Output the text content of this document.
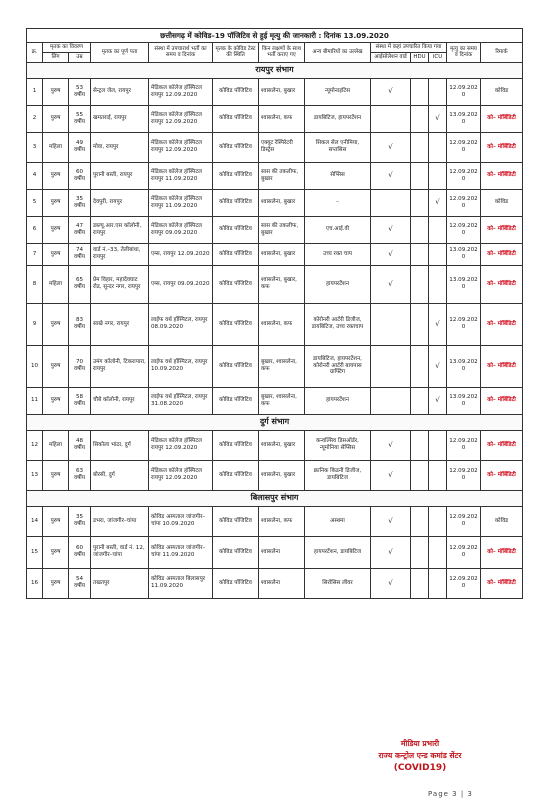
छत्तीसगढ़ में कोविड–19 पॉजिटिव से हुई मृत्यु की जानकारी : दिनांक 13.09.2020												
क्र.	मृतक का विवरण		मृतक का पूर्ण पता	संस्था में उपचारार्थ भर्ती का समय व दिनांक	मृतक के कोविड टेस्ट की स्थिति	किन लक्षणों के साथ भर्ती कराए गए	अन्य बीमारियों का उल्लेख	संस्था में कहां उपचारित किया गया			मृत्यु का समय व दिनांक	रिमार्क
	लिंग	उम्र						आईसोलेशन वार्ड	HDU	ICU		
रायपुर संभाग												
1	पुरुष	53 वर्षीय	सेन्ट्रल जेल, रायपुर	मेडिकल कॉलेज हॉस्पिटल रायपुर 12.09.2020	कोविड पॉजिटिव	श्वासलेना, बुखार	न्यूमोनाइटिस	√			12.09.2020	कोविड
2	पुरुष	55 वर्षीय	खमतराई, रायपुर	मेडिकल कॉलेज हॉस्पिटल रायपुर 12.09.2020	कोविड पॉजिटिव	श्वासलेना, कफ	डायबिटिज, हायपरटेंशन			√	13.09.2020	को– मॉर्बिडिटी
3	महिला	49 वर्षीय	मोवा, रायपुर	मेडिकल कॉलेज हॉस्पिटल रायपुर 12.09.2020	कोविड पॉजिटिव	एक्यूट रेस्पिरेटरी डिस्ट्रेस	सिकल सेल एनीमिया, सप्तसिस	√			12.09.2020	को– मॉर्बिडिटी
4	पुरुष	60 वर्षीय	पुरानी बस्ती, रायपुर	मेडिकल कॉलेज हॉस्पिटल रायपुर 11.09.2020	कोविड पॉजिटिव	सास की तकलीफ, बुखार	सेप्सिस	√			12.09.2020	को– मॉर्बिडिटी
5	पुरुष	35 वर्षीय	देवपुरी, रायपुर	मेडिकल कॉलेज हॉस्पिटल रायपुर 11.09.2020	कोविड पॉजिटिव	श्वासलेना, बुखार	–			√	12.09.2020	कोविड
6	पुरुष	47 वर्षीय	डब्ल्यू.आर.एस कॉलोनी, रायपुर	मेडिकल कॉलेज हॉस्पिटल रायपुर 09.09.2020	कोविड पॉजिटिव	सास की तकलीफ, बुखार	एच.आई.वी	√			12.09.2020	को– मॉर्बिडिटी
7	पुरुष	74 वर्षीय	वार्ड नं.–33, तेलीबांधा, रायपुर	एम्स, रायपुर 12.09.2020	कोविड पॉजिटिव	श्वासलेना, बुखार	उच्च रक्त चाप	√			13.09.2020	को– मॉर्बिडिटी
8	महिला	65 वर्षीय	प्रेम विहार, महादेवघाट रोड, सुन्दर नगर, रायपुर	एम्स, रायपुर 09.09.2020	कोविड पॉजिटिव	श्वासलेना, बुखार, कफ	हायपरटेंशन	√			13.09.2020	को– मॉर्बिडिटी
9	पुरुष	83 वर्षीय	साखे नगर, रायपुर	लाईफ वर्थ हॉस्पिटल, रायपुर 08.09.2020	कोविड पॉजिटिव	श्वासलेना, कफ	कोरोनरी आर्टरी डिजीज, डायबिटिज, उच्च रक्तचाप			√	12.09.2020	को– मॉर्बिडिटी
10	पुरुष	70 वर्षीय	उमंग कॉलोनी, टिकरापारा, रायपुर	लाईफ वर्थ हॉस्पिटल, रायपुर 10.09.2020	कोविड पॉजिटिव	बुखार, श्वासलेना, कफ	डायबिटिज, हायपरटेंशन, कोरोनरी आर्टरी बायपास ग्राफ्टिंग			√	13.09.2020	को– मॉर्बिडिटी
11	पुरुष	58 वर्षीय	चौबे कॉलोनी, रायपुर	लाईफ वर्थ हॉस्पिटल, रायपुर 31.08.2020	कोविड पॉजिटिव	बुखार, श्वासलेना, कफ	हायपरटेंशन			√	13.09.2020	को– मॉर्बिडिटी
दुर्ग संभाग												
12	महिला	48 वर्षीय	सिकोला भांठा, दुर्ग	मेडिकल कॉलेज हॉस्पिटल रायपुर 12.09.2020	कोविड पॉजिटिव	श्वासलेना, बुखार	कन्वल्सिव डिसऑर्डर, न्यूमोनिया सेप्सिस	√			12.09.2020	को– मॉर्बिडिटी
13	पुरुष	63 वर्षीय	बोरसी, दुर्ग	मेडिकल कॉलेज हॉस्पिटल रायपुर 12.09.2020	कोविड पॉजिटिव	श्वासलेना, बुखार	क्रानिक किडनी डिजीज, डायबिटिज	√			12.09.2020	को– मॉर्बिडिटी
बिलासपुर संभाग												
14	पुरुष	35 वर्षीय	डभरा, जांजगीर–चांपा	कोविड अस्पताल जांजगीर–चांपा 10.09.2020	कोविड पॉजिटिव	श्वासलेना, कफ	अस्थमा	√			12.09.2020	कोविड
15	पुरुष	60 वर्षीय	पुरानी बस्ती, वार्ड नं. 12, जांजगीर–चांपा	कोविड अस्पताल जांजगीर–चांपा 11.09.2020	कोविड पॉजिटिव	श्वासलेना	हायपरटेंशन, डायबिटिज	√			12.09.2020	को– मॉर्बिडिटी
16	पुरुष	54 वर्षीय	तखतपुर	कोविड अस्पताल बिलासपुर 11.09.2020	कोविड पॉजिटिव	श्वासलेना	सिरोसिस लीवर	√			12.09.2020	को– मॉर्बिडिटी
मीडिया प्रभारी
राज्य कन्ट्रोल एन्ड कमांड सेंटर
(COVID19)
Page 3 | 3
